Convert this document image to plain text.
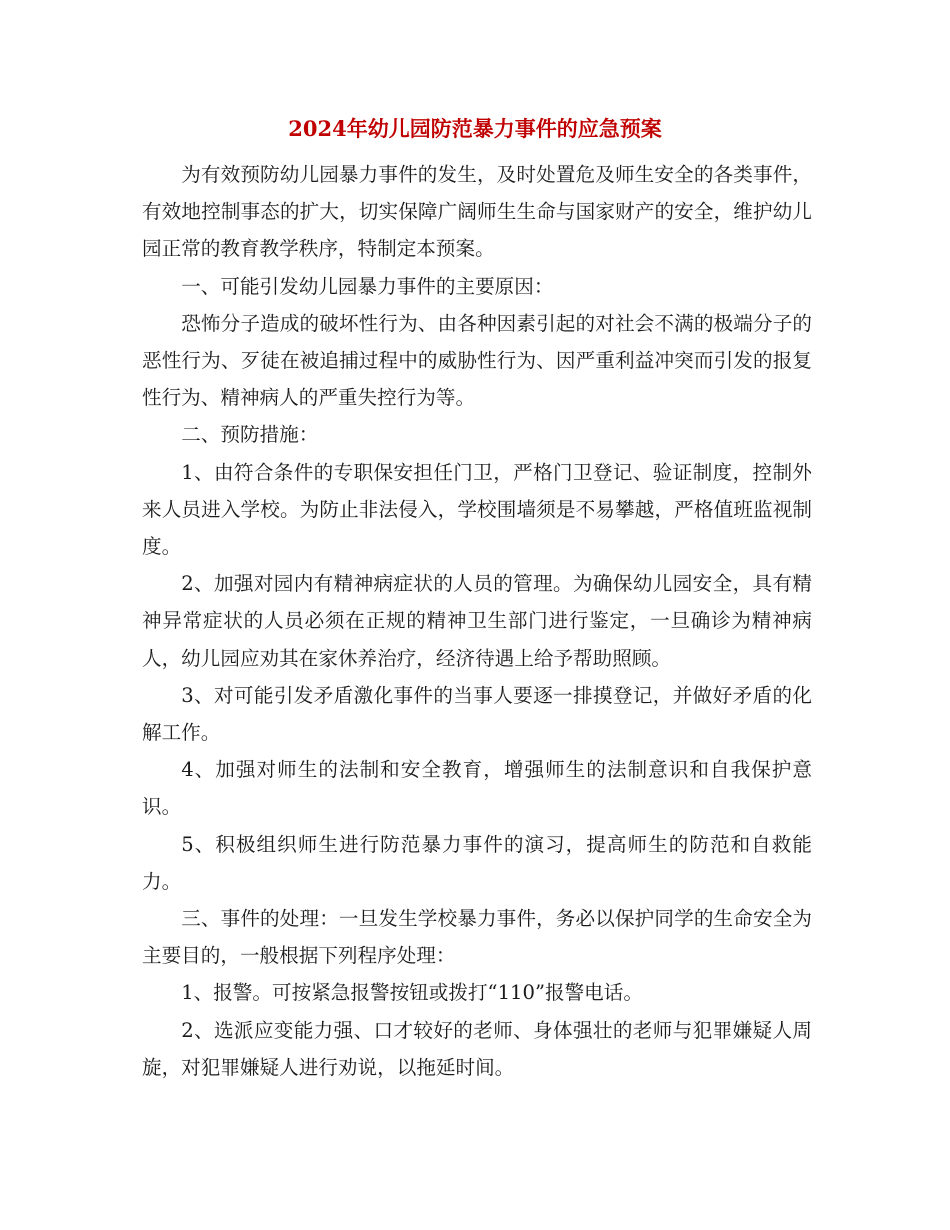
2024年幼儿园防范暴力事件的应急预案

为有效预防幼儿园暴力事件的发生，及时处置危及师生安全的各类事件，有效地控制事态的扩大，切实保障广阔师生生命与国家财产的安全，维护幼儿园正常的教育教学秩序，特制定本预案。

一、可能引发幼儿园暴力事件的主要原因：

恐怖分子造成的破坏性行为、由各种因素引起的对社会不满的极端分子的恶性行为、歹徒在被追捕过程中的威胁性行为、因严重利益冲突而引发的报复性行为、精神病人的严重失控行为等。

二、预防措施：

1、由符合条件的专职保安担任门卫，严格门卫登记、验证制度，控制外来人员进入学校。为防止非法侵入，学校围墙须是不易攀越，严格值班监视制度。

2、加强对园内有精神病症状的人员的管理。为确保幼儿园安全，具有精神异常症状的人员必须在正规的精神卫生部门进行鉴定，一旦确诊为精神病人，幼儿园应劝其在家休养治疗，经济待遇上给予帮助照顾。

3、对可能引发矛盾激化事件的当事人要逐一排摸登记，并做好矛盾的化解工作。

4、加强对师生的法制和安全教育，增强师生的法制意识和自我保护意识。

5、积极组织师生进行防范暴力事件的演习，提高师生的防范和自救能力。

三、事件的处理：一旦发生学校暴力事件，务必以保护同学的生命安全为主要目的，一般根据下列程序处理：

1、报警。可按紧急报警按钮或拨打“110”报警电话。

2、选派应变能力强、口才较好的老师、身体强壮的老师与犯罪嫌疑人周旋，对犯罪嫌疑人进行劝说，以拖延时间。
